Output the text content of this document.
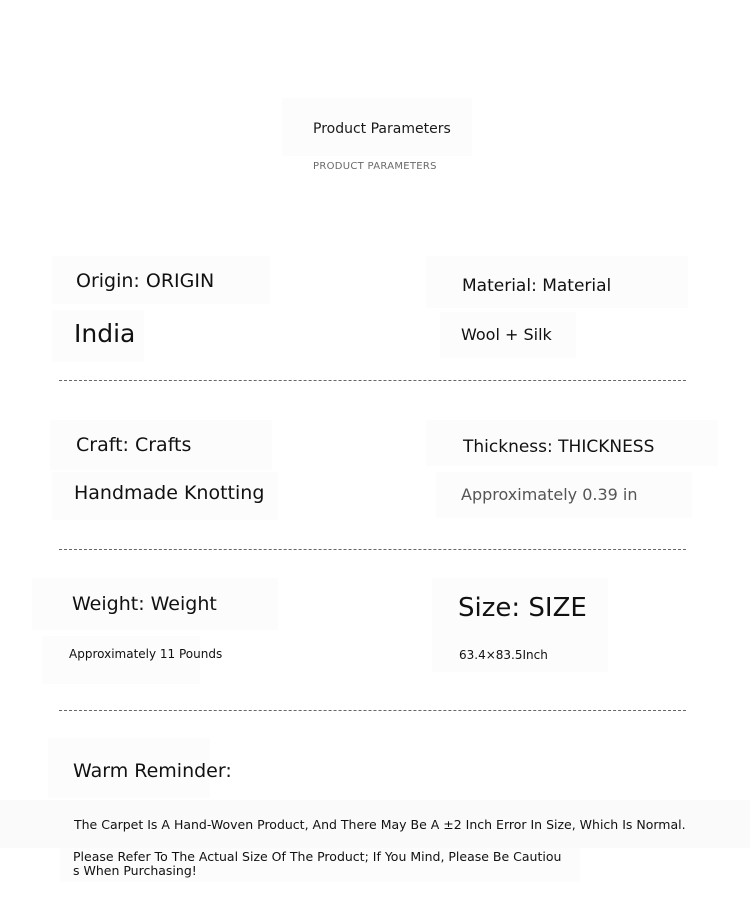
Product Parameters
PRODUCT PARAMETERS
Origin: ORIGIN
India
Material: Material
Wool + Silk
Craft: Crafts
Handmade Knotting
Thickness: THICKNESS
Approximately 0.39 in
Weight: Weight
Approximately 11 Pounds
Size: SIZE
63.4×83.5Inch
Warm Reminder:
The Carpet Is A Hand-Woven Product, And There May Be A ±2 Inch Error In Size, Which Is Normal.
Please Refer To The Actual Size Of The Product; If You Mind, Please Be Cautiou
s When Purchasing!
